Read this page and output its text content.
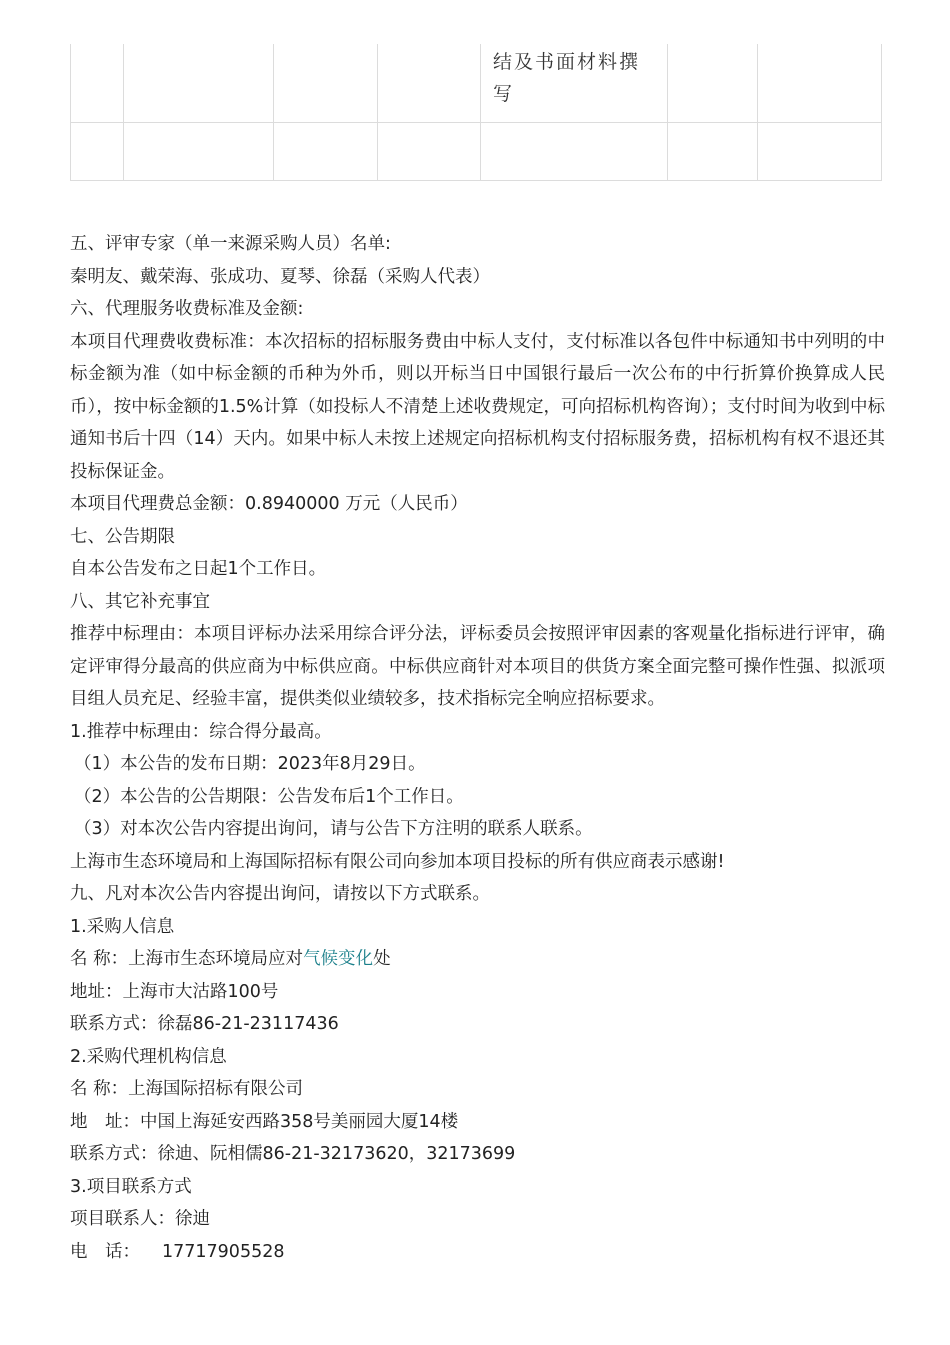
				结及书面材料撰写		

五、评审专家（单一来源采购人员）名单:

秦明友、戴荣海、张成功、夏琴、徐磊（采购人代表）

六、代理服务收费标准及金额:

本项目代理费收费标准：本次招标的招标服务费由中标人支付，支付标准以各包件中标通知书中列明的中标金额为准（如中标金额的币种为外币，则以开标当日中国银行最后一次公布的中行折算价换算成人民币），按中标金额的1.5%计算（如投标人不清楚上述收费规定，可向招标机构咨询）；支付时间为收到中标通知书后十四（14）天内。如果中标人未按上述规定向招标机构支付招标服务费，招标机构有权不退还其投标保证金。

本项目代理费总金额：0.8940000 万元（人民币）

七、公告期限

自本公告发布之日起1个工作日。

八、其它补充事宜

推荐中标理由：本项目评标办法采用综合评分法，评标委员会按照评审因素的客观量化指标进行评审，确定评审得分最高的供应商为中标供应商。中标供应商针对本项目的供货方案全面完整可操作性强、拟派项目组人员充足、经验丰富，提供类似业绩较多，技术指标完全响应招标要求。

1.推荐中标理由：综合得分最高。

（1）本公告的发布日期：2023年8月29日。

（2）本公告的公告期限：公告发布后1个工作日。

（3）对本次公告内容提出询问，请与公告下方注明的联系人联系。

上海市生态环境局和上海国际招标有限公司向参加本项目投标的所有供应商表示感谢!

九、凡对本次公告内容提出询问，请按以下方式联系。

1.采购人信息

名 称：上海市生态环境局应对气候变化处

地址：上海市大沽路100号

联系方式：徐磊86-21-23117436

2.采购代理机构信息

名 称：上海国际招标有限公司

地　址：中国上海延安西路358号美丽园大厦14楼

联系方式：徐迪、阮相儒86-21-32173620，32173699

3.项目联系方式

项目联系人：徐迪

电　话： 17717905528
